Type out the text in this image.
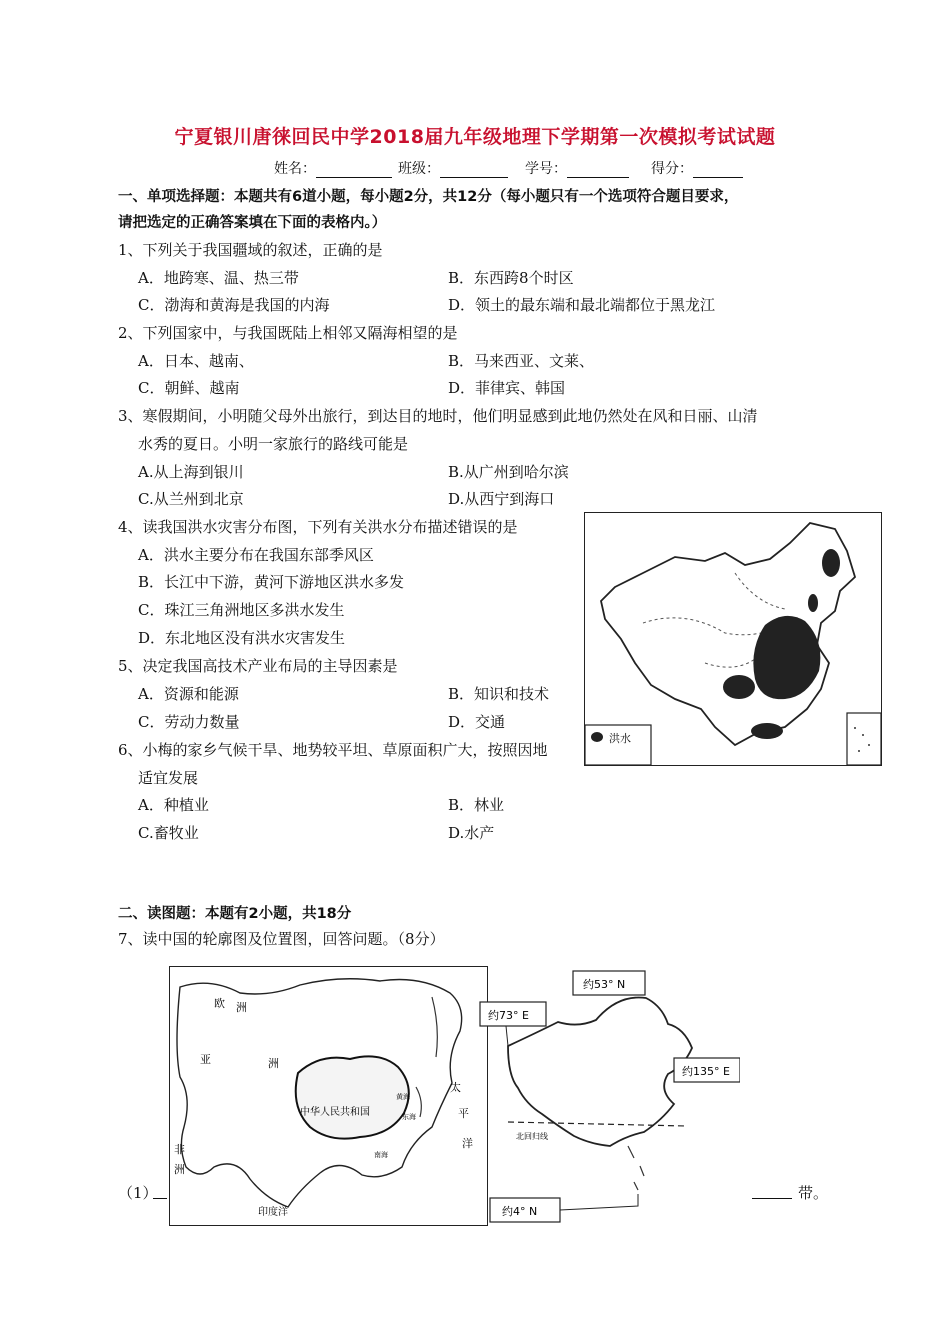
宁夏银川唐徕回民中学2018届九年级地理下学期第一次模拟考试试题
姓名：	班级：	学号：	得分：
一、单项选择题：本题共有6道小题，每小题2分，共12分（每小题只有一个选项符合题目要求，
请把选定的正确答案填在下面的表格内。）
1、下列关于我国疆域的叙述，正确的是
A．地跨寒、温、热三带	B．东西跨8个时区
C．渤海和黄海是我国的内海	D．领土的最东端和最北端都位于黑龙江
2、下列国家中，与我国既陆上相邻又隔海相望的是
A．日本、越南、	B．马来西亚、文莱、
C．朝鲜、越南	D．菲律宾、韩国
3、寒假期间，小明随父母外出旅行，到达目的地时，他们明显感到此地仍然处在风和日丽、山清
水秀的夏日。小明一家旅行的路线可能是
A.从上海到银川	B.从广州到哈尔滨
C.从兰州到北京	D.从西宁到海口
4、读我国洪水灾害分布图，下列有关洪水分布描述错误的是
A．洪水主要分布在我国东部季风区
B．长江中下游，黄河下游地区洪水多发
C．珠江三角洲地区多洪水发生
D．东北地区没有洪水灾害发生
5、决定我国高技术产业布局的主导因素是
A．资源和能源	B．知识和技术
C．劳动力数量	D．交通
6、小梅的家乡气候干旱、地势较平坦、草原面积广大，按照因地
适宜发展
A．种植业	B．林业
C.畜牧业	D.水产
洪水
二、读图题：本题有2小题，共18分
7、读中国的轮廓图及位置图，回答问题。（8分）
欧 洲
亚	洲
中华人民共和国
太
平
洋
非
洲
印度洋
黄海
东海
南海
北回归线
约53° N
约73° E
约135° E
约4° N
（1）	带。
